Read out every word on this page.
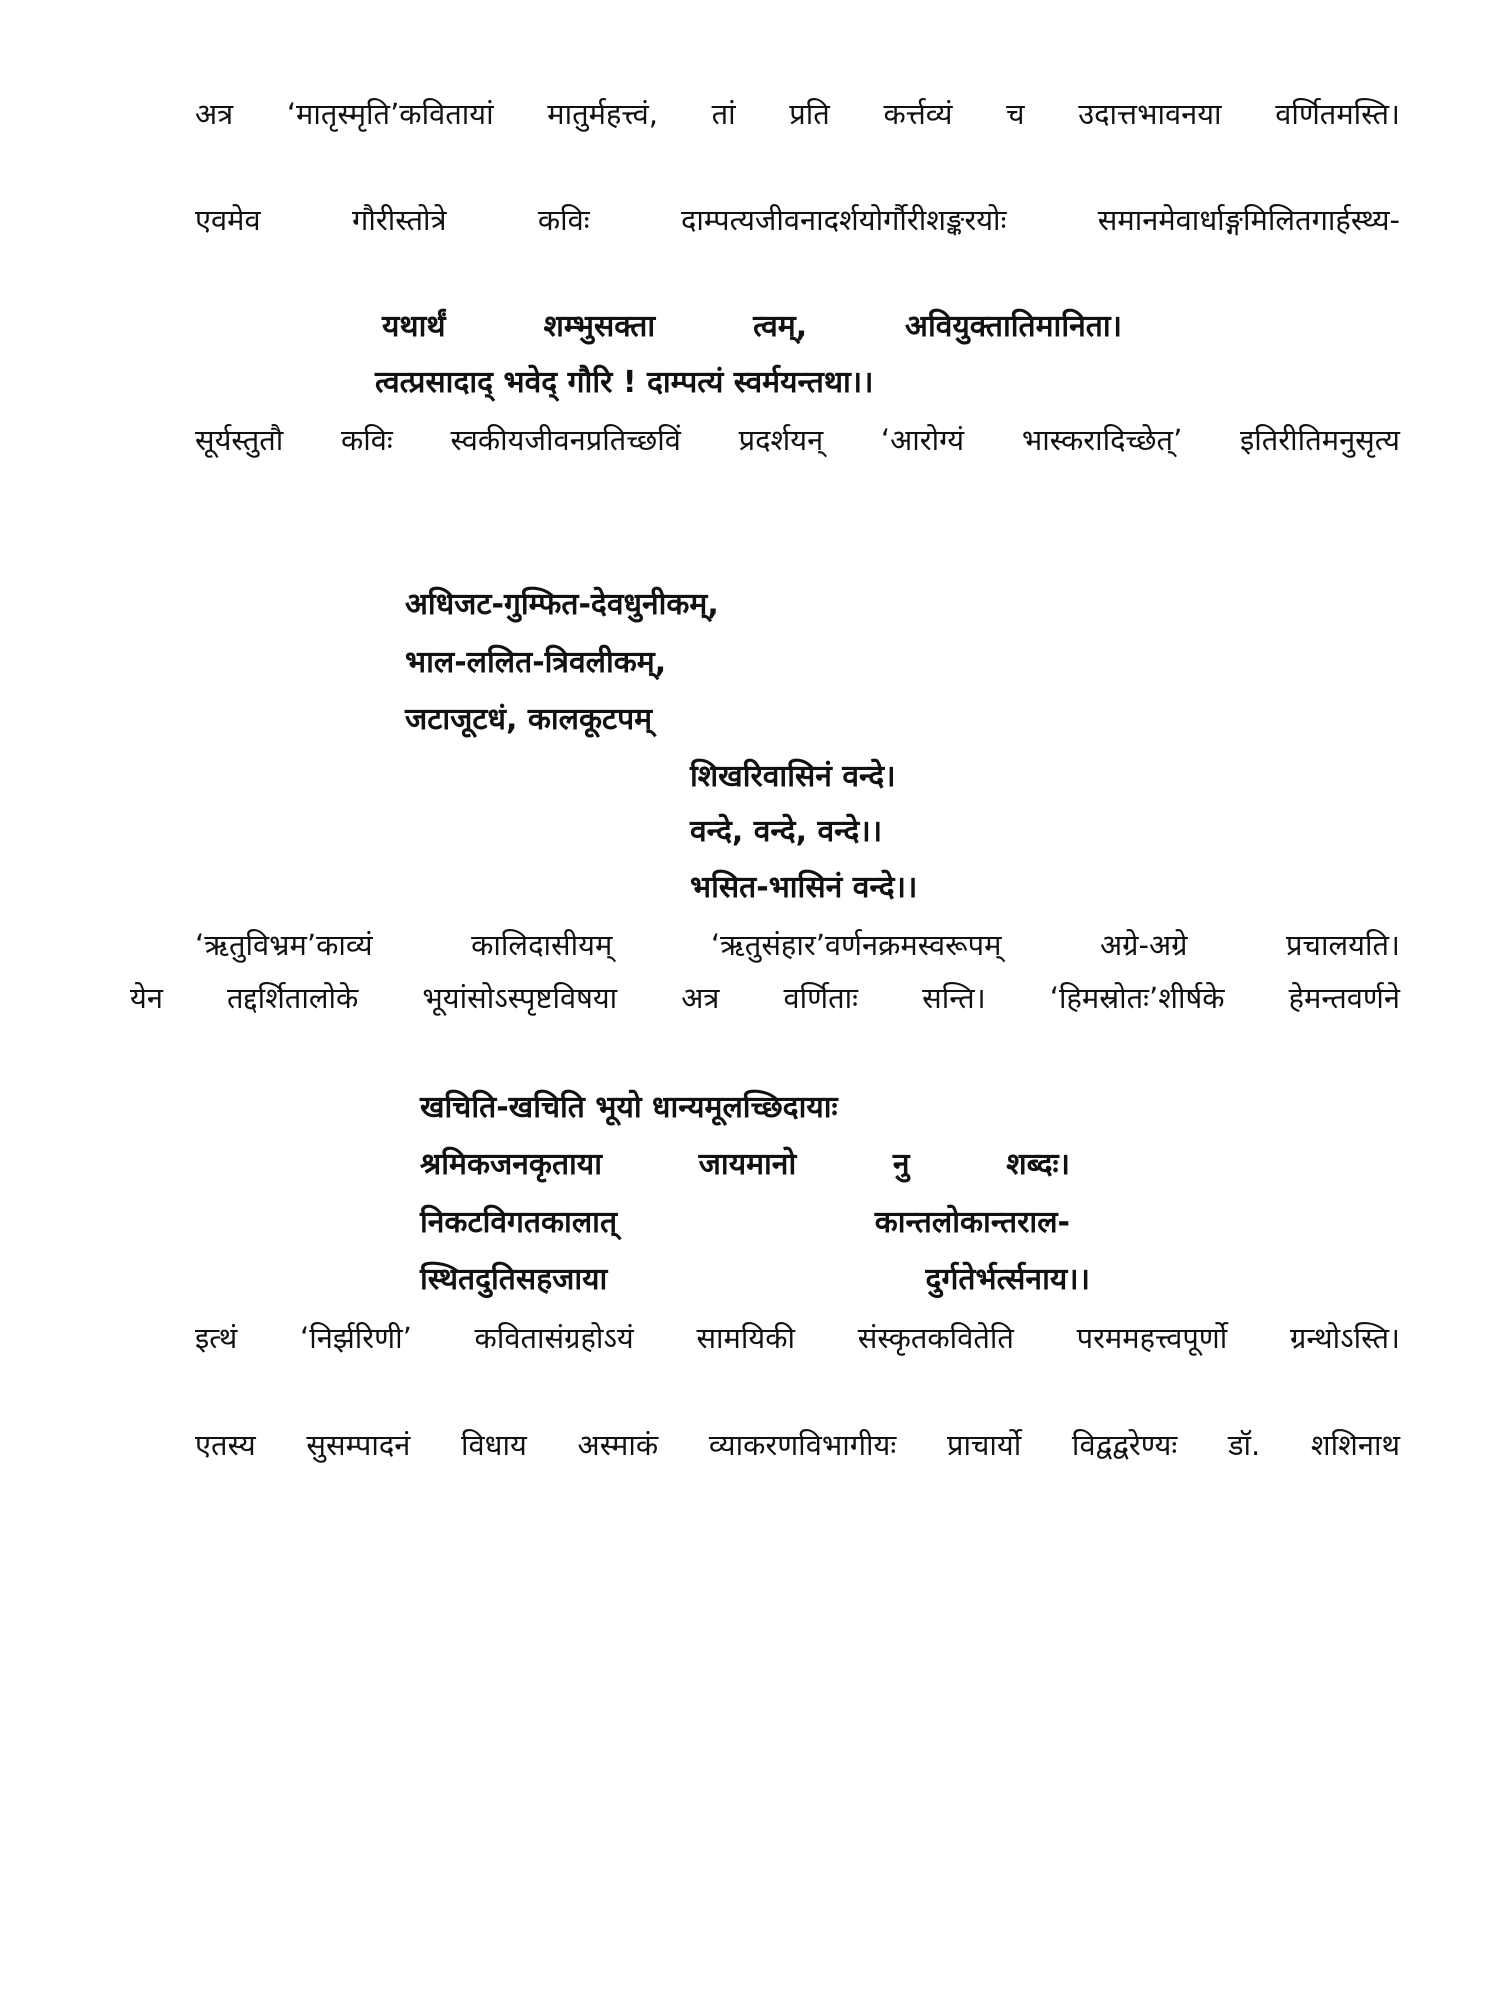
अत्र ‘मातृस्मृति’कवितायां मातुर्महत्त्वं, तां प्रति कर्त्तव्यं च उदात्तभावनया वर्णितमस्ति।
एवमेव गौरीस्तोत्रे कविः दाम्पत्यजीवनादर्शयोर्गौरीशङ्करयोः समानमेवार्धाङ्गमिलितगार्हस्थ्य-
यथार्थं शम्भुसक्ता त्वम्, अवियुक्तातिमानिता।
त्वत्प्रसादाद् भवेद् गौरि ! दाम्पत्यं स्वर्मयन्तथा।।
सूर्यस्तुतौ कविः स्वकीयजीवनप्रतिच्छविं प्रदर्शयन् ‘आरोग्यं भास्करादिच्छेत्’ इतिरीतिमनुसृत्य
अधिजट-गुम्फित-देवधुनीकम्,
भाल-ललित-त्रिवलीकम्,
जटाजूटधं, कालकूटपम्
शिखरिवासिनं वन्दे।
वन्दे, वन्दे, वन्दे।।
भसित-भासिनं वन्दे।।
‘ऋतुविभ्रम’काव्यं कालिदासीयम् ‘ऋतुसंहार’वर्णनक्रमस्वरूपम् अग्रे-अग्रे प्रचालयति।
येन तद्दर्शितालोके भूयांसोऽस्पृष्टविषया अत्र वर्णिताः सन्ति। ‘हिमस्रोतः’शीर्षके हेमन्तवर्णने
खचिति-खचिति भूयो धान्यमूलच्छिदायाः
श्रमिकजनकृताया जायमानो नु शब्दः।
निकटविगतकालात् कान्तलोकान्तराल-
स्थितदुतिसहजाया दुर्गतेर्भर्त्सनाय।।
इत्थं ‘निर्झरिणी’ कवितासंग्रहोऽयं सामयिकी संस्कृतकवितेति परममहत्त्वपूर्णो ग्रन्थोऽस्ति।
एतस्य सुसम्पादनं विधाय अस्माकं व्याकरणविभागीयः प्राचार्यो विद्वद्वरेण्यः डॉ. शशिनाथ
